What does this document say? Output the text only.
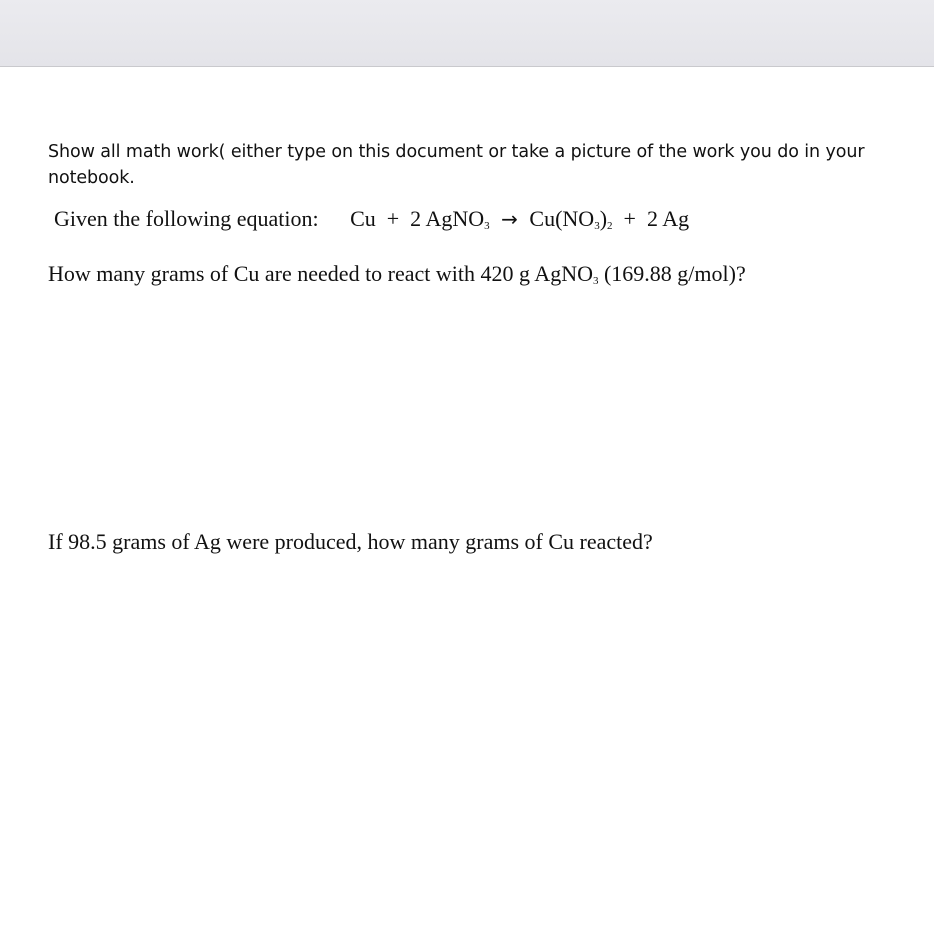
Show all math work( either type on this document or take a picture of the work you do in your notebook.
Given the following equation: Cu + 2 AgNO$_3$ → $Cu(NO_3)_2 + 2$ Ag
How many grams of Cu are needed to react with 420 g AgNO$_3$ (169.88 g/mol)?
If 98.5 grams of Ag were produced, how many grams of Cu reacted?
